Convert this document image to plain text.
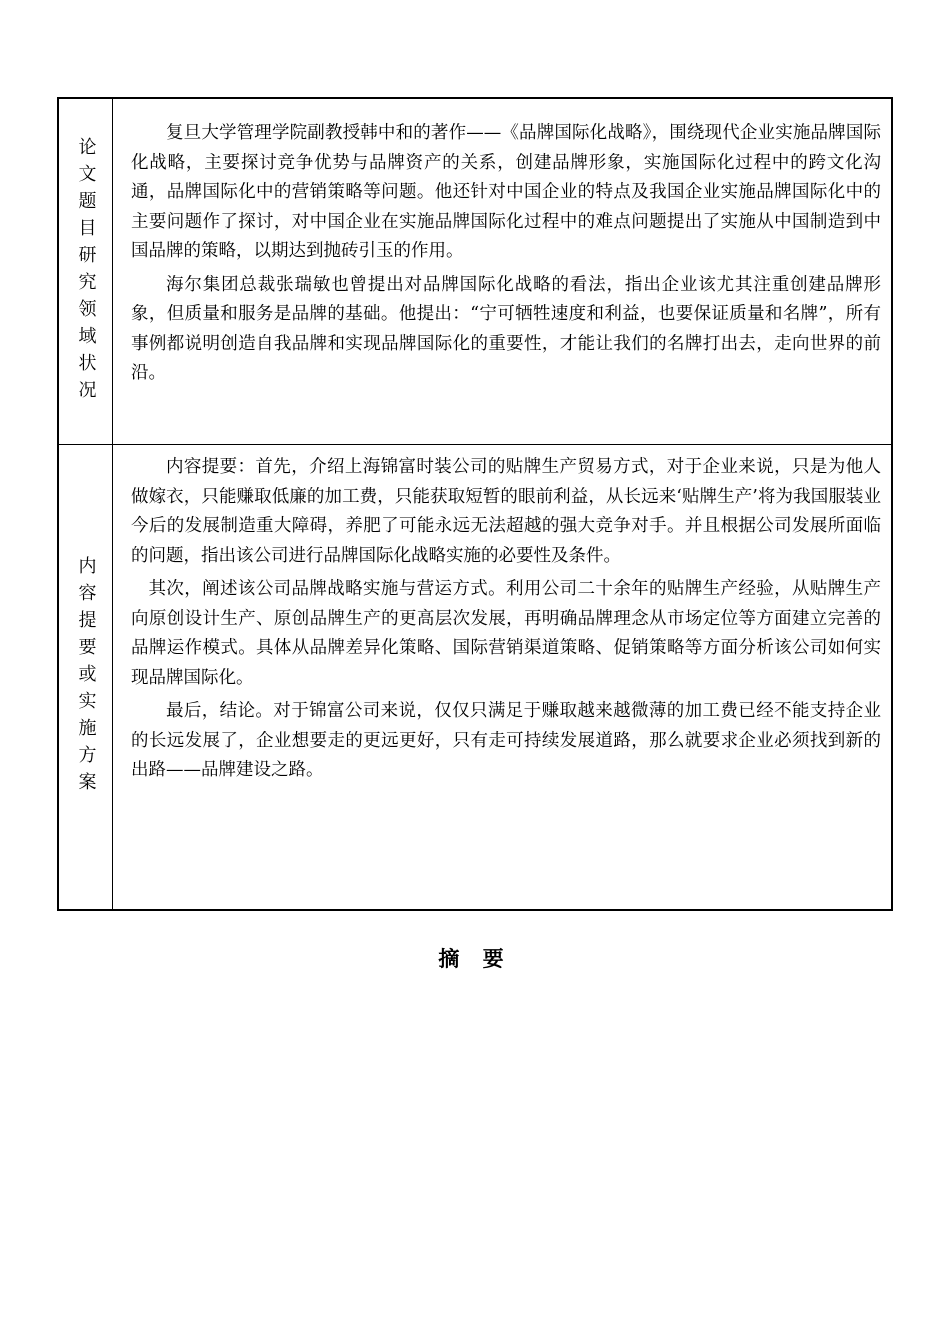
论文题目研究领域状况

复旦大学管理学院副教授韩中和的著作——《品牌国际化战略》，围绕现代企业实施品牌国际化战略，主要探讨竞争优势与品牌资产的关系，创建品牌形象，实施国际化过程中的跨文化沟通，品牌国际化中的营销策略等问题。他还针对中国企业的特点及我国企业实施品牌国际化中的主要问题作了探讨，对中国企业在实施品牌国际化过程中的难点问题提出了实施从中国制造到中国品牌的策略，以期达到抛砖引玉的作用。

海尔集团总裁张瑞敏也曾提出对品牌国际化战略的看法，指出企业该尤其注重创建品牌形象，但质量和服务是品牌的基础。他提出：“宁可牺牲速度和利益，也要保证质量和名牌”，所有事例都说明创造自我品牌和实现品牌国际化的重要性，才能让我们的名牌打出去，走向世界的前沿。

内容提要或实施方案

内容提要：首先，介绍上海锦富时装公司的贴牌生产贸易方式，对于企业来说，只是为他人做嫁衣，只能赚取低廉的加工费，只能获取短暂的眼前利益，从长远来‘贴牌生产’将为我国服装业今后的发展制造重大障碍，养肥了可能永远无法超越的强大竞争对手。并且根据公司发展所面临的问题，指出该公司进行品牌国际化战略实施的必要性及条件。

其次，阐述该公司品牌战略实施与营运方式。利用公司二十余年的贴牌生产经验，从贴牌生产向原创设计生产、原创品牌生产的更高层次发展，再明确品牌理念从市场定位等方面建立完善的品牌运作模式。具体从品牌差异化策略、国际营销渠道策略、促销策略等方面分析该公司如何实现品牌国际化。

最后，结论。对于锦富公司来说，仅仅只满足于赚取越来越微薄的加工费已经不能支持企业的长远发展了，企业想要走的更远更好，只有走可持续发展道路，那么就要求企业必须找到新的出路——品牌建设之路。

摘 要
